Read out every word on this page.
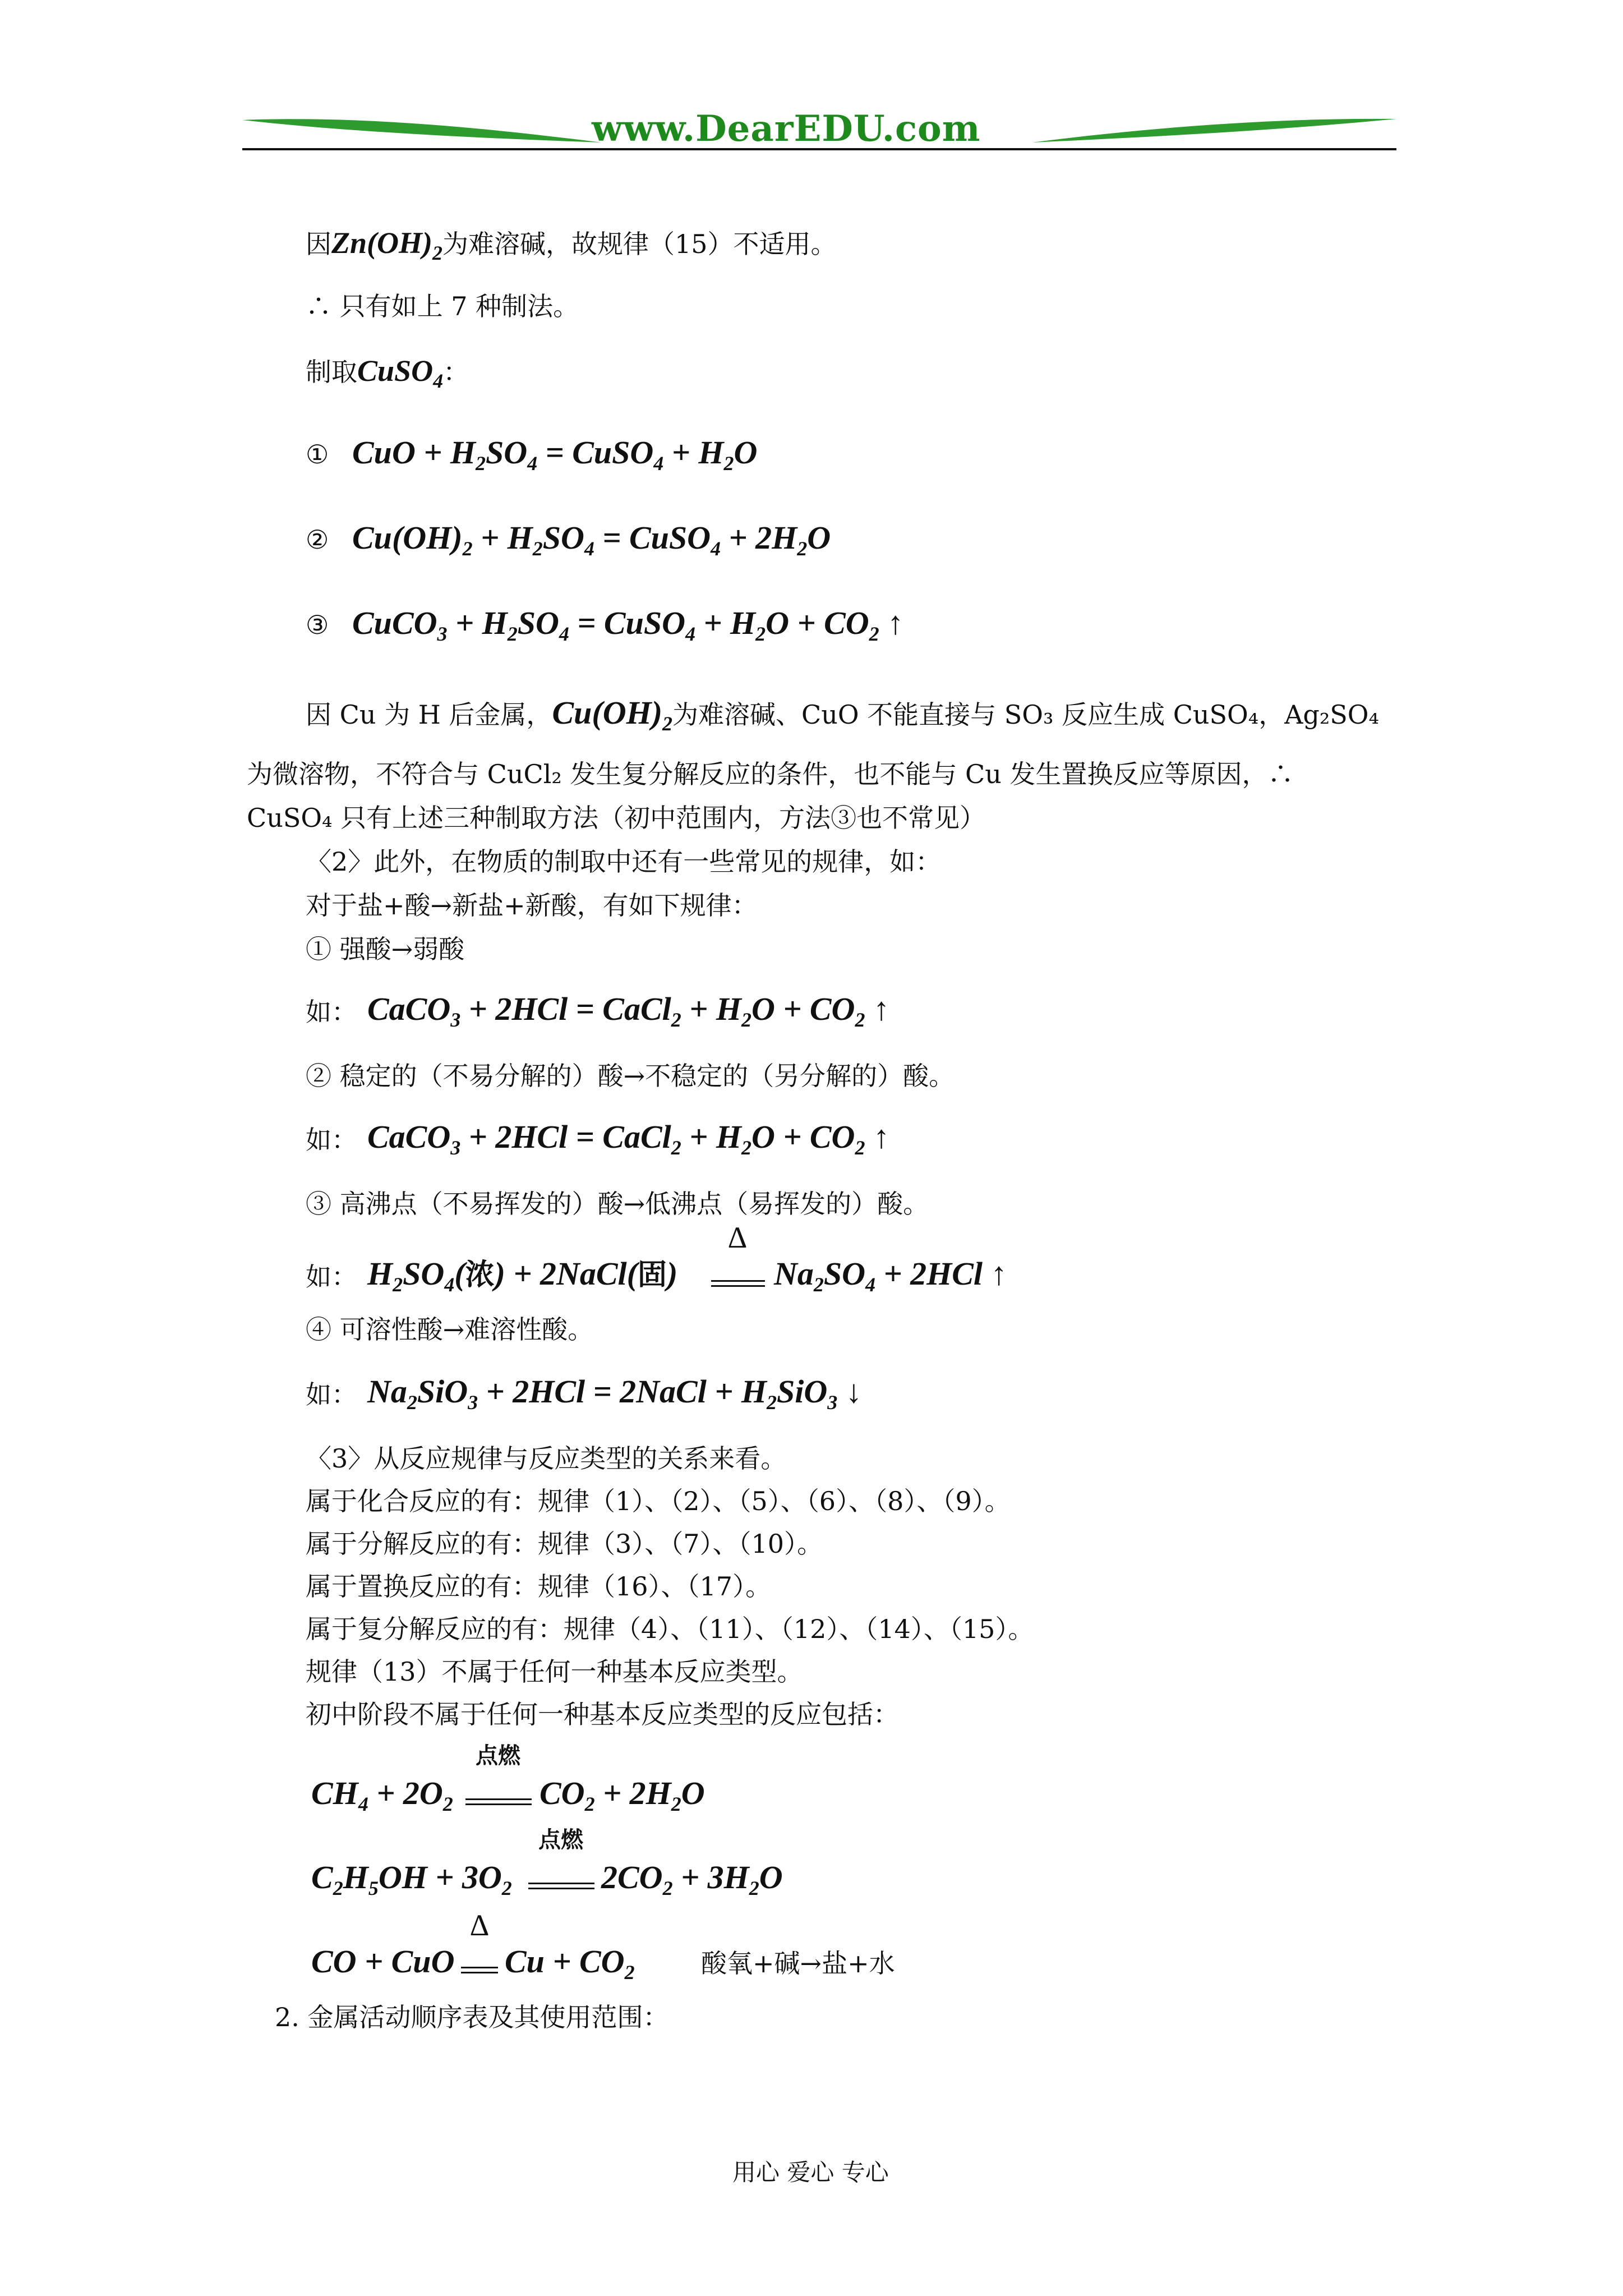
www.DearEDU.com
因$Zn(OH)_2$为难溶碱，故规律（15）不适用。
∴ 只有如上 7 种制法。
制取CuSO$_4$：
① CuO + $H_2SO_4$ = CuSO$_4$ + $H_2O$
② $Cu(OH)_2 + H_2SO_4$ = CuSO$_4$ + $2H_2O$
③ CuCO$_3$ + $H_2SO_4$ = CuSO$_4$ + $H_2O + CO_2$ ↑
因 Cu 为 H 后金属，$Cu(OH)_2$为难溶碱、CuO 不能直接与 SO₃ 反应生成 CuSO₄，Ag₂SO₄
为微溶物，不符合与 CuCl₂ 发生复分解反应的条件，也不能与 Cu 发生置换反应等原因，∴
CuSO₄ 只有上述三种制取方法（初中范围内，方法③也不常见）
〈2〉此外，在物质的制取中还有一些常见的规律，如：
对于盐+酸→新盐+新酸，有如下规律：
① 强酸→弱酸
如： CaCO$_3$ + 2HCl = CaCl$_2$ + $H_2O + CO_2$ ↑
② 稳定的（不易分解的）酸→不稳定的（另分解的）酸。
如： CaCO$_3$ + 2HCl = CaCl$_2$ + $H_2O + CO_2$ ↑
③ 高沸点（不易挥发的）酸→低沸点（易挥发的）酸。
如： $H_2SO_4$(浓) + 2NaCl(固)
Δ
$Na_2SO_4 + 2HCl$ ↑
④ 可溶性酸→难溶性酸。
如： $Na_2SiO_3 + 2HCl$ = 2NaCl + $H_2SiO_3$ ↓
〈3〉从反应规律与反应类型的关系来看。
属于化合反应的有：规律（1）、（2）、（5）、（6）、（8）、（9）。
属于分解反应的有：规律（3）、（7）、（10）。
属于置换反应的有：规律（16）、（17）。
属于复分解反应的有：规律（4）、（11）、（12）、（14）、（15）。
规律（13）不属于任何一种基本反应类型。
初中阶段不属于任何一种基本反应类型的反应包括：
$CH_4 + 2O_2$
点燃
$CO_2 + 2H_2O$
$C_2H_5OH + 3O_2$
点燃
$2CO_2 + 3H_2O$
CO + CuO
Δ
$Cu + CO_2$	酸氧+碱→盐+水
2. 金属活动顺序表及其使用范围：
用心 爱心 专心
